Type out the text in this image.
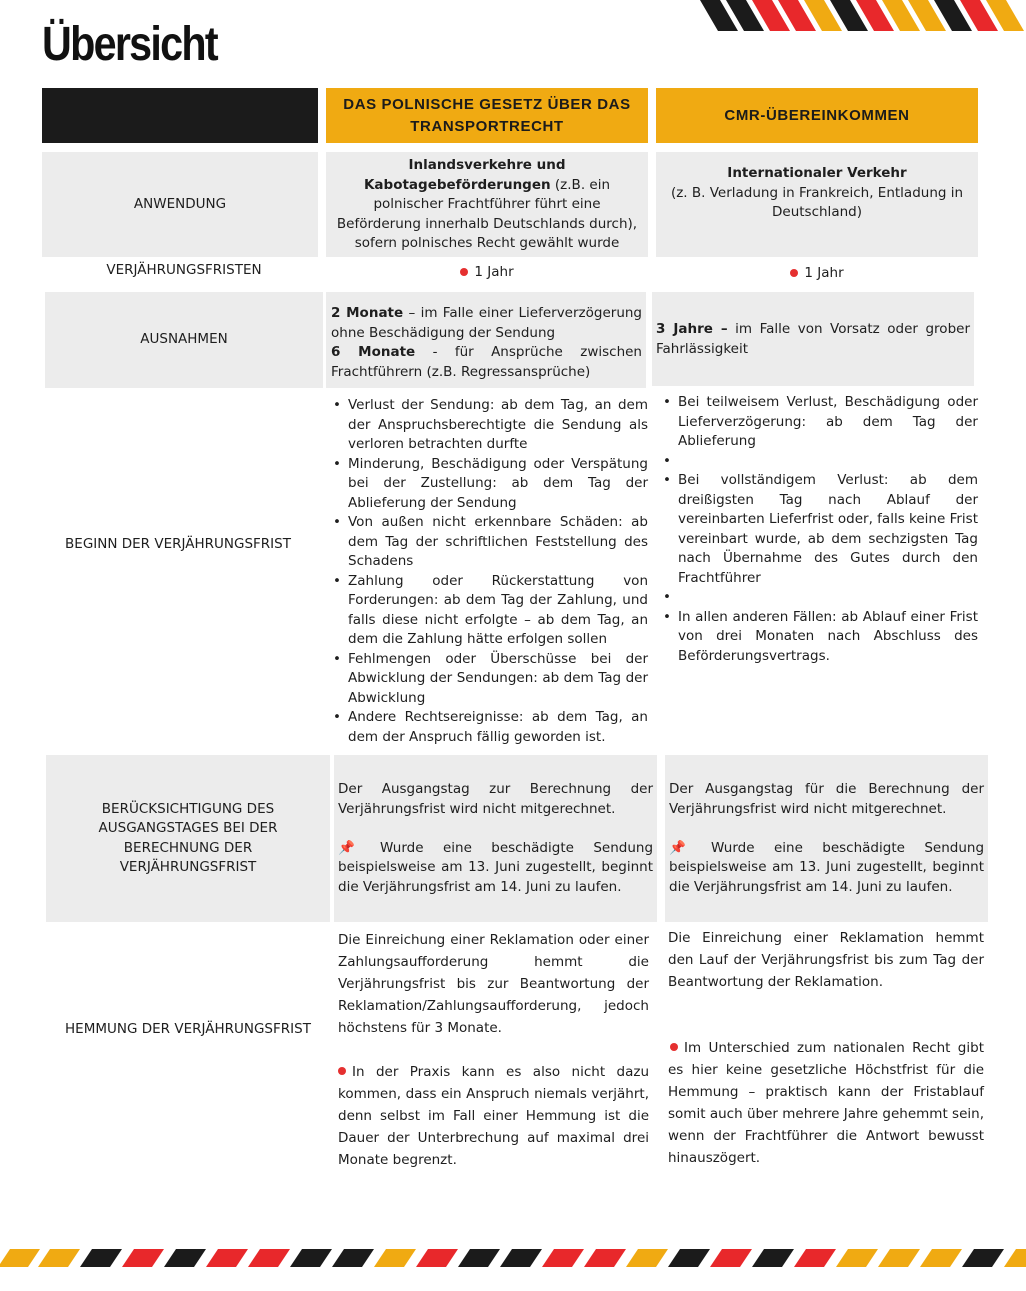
Übersicht
DAS POLNISCHE GESETZ ÜBER DAS TRANSPORTRECHT
CMR-ÜBEREINKOMMEN
ANWENDUNG
Inlandsverkehre und Kabotagebeförderungen (z.B. ein polnischer Frachtführer führt eine Beförderung innerhalb Deutschlands durch), sofern polnisches Recht gewählt wurde
Internationaler Verkehr
(z. B. Verladung in Frankreich, Entladung in Deutschland)
VERJÄHRUNGSFRISTEN	1 Jahr	1 Jahr
AUSNAHMEN

2 Monate – im Falle einer Lieferverzögerung ohne Beschädigung der Sendung

6 Monate - für Ansprüche zwischen Frachtführern (z.B. Regressansprüche)

3 Jahre – im Falle von Vorsatz oder grober Fahrlässigkeit
BEGINN DER VERJÄHRUNGSFRIST
• Verlust der Sendung: ab dem Tag, an dem der Anspruchsberechtigte die Sendung als verloren betrachten durfte
• Minderung, Beschädigung oder Verspätung bei der Zustellung: ab dem Tag der Ablieferung der Sendung
• Von außen nicht erkennbare Schäden: ab dem Tag der schriftlichen Feststellung des Schadens
• Zahlung oder Rückerstattung von Forderungen: ab dem Tag der Zahlung, und falls diese nicht erfolgte – ab dem Tag, an dem die Zahlung hätte erfolgen sollen
• Fehlmengen oder Überschüsse bei der Abwicklung der Sendungen: ab dem Tag der Abwicklung
• Andere Rechtsereignisse: ab dem Tag, an dem der Anspruch fällig geworden ist.
• Bei teilweisem Verlust, Beschädigung oder Lieferverzögerung: ab dem Tag der Ablieferung
•
• Bei vollständigem Verlust: ab dem dreißigsten Tag nach Ablauf der vereinbarten Lieferfrist oder, falls keine Frist vereinbart wurde, ab dem sechzigsten Tag nach Übernahme des Gutes durch den Frachtführer
•
• In allen anderen Fällen: ab Ablauf einer Frist von drei Monaten nach Abschluss des Beförderungsvertrags.
BERÜCKSICHTIGUNG DES AUSGANGSTAGES BEI DER BERECHNUNG DER VERJÄHRUNGSFRIST

Der Ausgangstag zur Berechnung der Verjährungsfrist wird nicht mitgerechnet.

📌 Wurde eine beschädigte Sendung beispielsweise am 13. Juni zugestellt, beginnt die Verjährungsfrist am 14. Juni zu laufen.

Der Ausgangstag für die Berechnung der Verjährungsfrist wird nicht mitgerechnet.

📌 Wurde eine beschädigte Sendung beispielsweise am 13. Juni zugestellt, beginnt die Verjährungsfrist am 14. Juni zu laufen.

HEMMUNG DER VERJÄHRUNGSFRIST

Die Einreichung einer Reklamation oder einer Zahlungsaufforderung hemmt die Verjährungsfrist bis zur Beantwortung der Reklamation/Zahlungsaufforderung, jedoch höchstens für 3 Monate.

In der Praxis kann es also nicht dazu kommen, dass ein Anspruch niemals verjährt, denn selbst im Fall einer Hemmung ist die Dauer der Unterbrechung auf maximal drei Monate begrenzt.

Die Einreichung einer Reklamation hemmt den Lauf der Verjährungsfrist bis zum Tag der Beantwortung der Reklamation.

Im Unterschied zum nationalen Recht gibt es hier keine gesetzliche Höchstfrist für die Hemmung – praktisch kann der Fristablauf somit auch über mehrere Jahre gehemmt sein, wenn der Frachtführer die Antwort bewusst hinauszögert.
